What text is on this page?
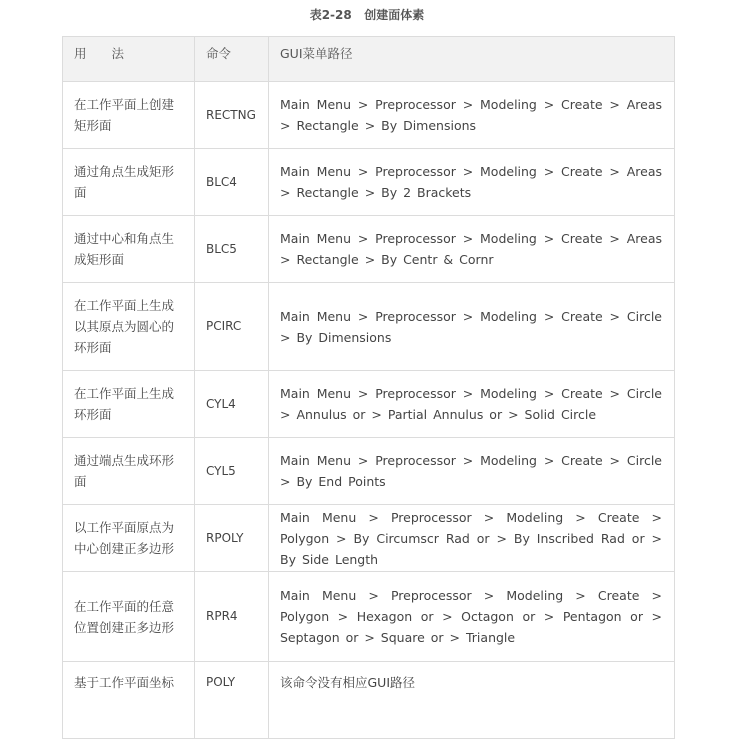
表2-28   创建面体素
用　　法	命令	GUI菜单路径
在工作平面上创建矩形面	RECTNG	Main Menu > Preprocessor > Modeling > Create > Areas > Rectangle > By Dimensions
通过角点生成矩形面	BLC4	Main Menu > Preprocessor > Modeling > Create > Areas > Rectangle > By 2 Brackets
通过中心和角点生成矩形面	BLC5	Main Menu > Preprocessor > Modeling > Create > Areas > Rectangle > By Centr & Cornr
在工作平面上生成以其原点为圆心的环形面	PCIRC	Main Menu > Preprocessor > Modeling > Create > Circle > By Dimensions
在工作平面上生成环形面	CYL4	Main Menu > Preprocessor > Modeling > Create > Circle > Annulus or > Partial Annulus or > Solid Circle
通过端点生成环形面	CYL5	Main Menu > Preprocessor > Modeling > Create > Circle > By End Points
以工作平面原点为中心创建正多边形	RPOLY	Main Menu > Preprocessor > Modeling > Create > Polygon > By Circumscr Rad or > By Inscribed Rad or > By Side Length
在工作平面的任意位置创建正多边形	RPR4	Main Menu > Preprocessor > Modeling > Create > Polygon > Hexagon or > Octagon or > Pentagon or > Septagon or > Square or > Triangle
基于工作平面坐标	POLY	该命令没有相应GUI路径
